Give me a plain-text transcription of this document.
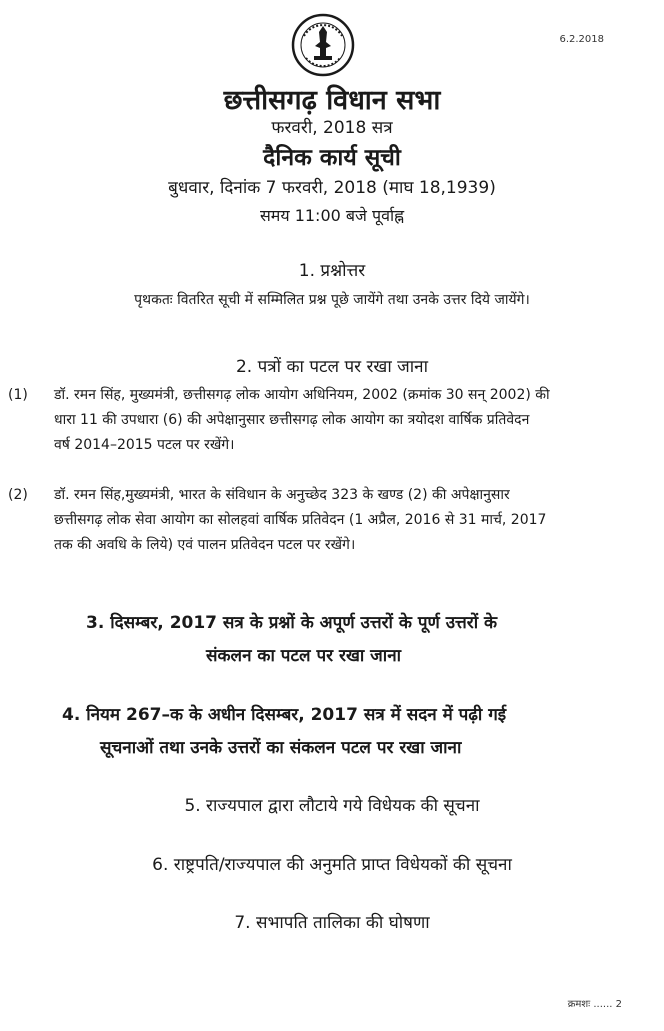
6.2.2018
छत्तीसगढ़ विधान सभा
फरवरी, 2018 सत्र
दैनिक कार्य सूची
बुधवार, दिनांक 7 फरवरी, 2018 (माघ 18,1939)
समय 11:00 बजे पूर्वाह्न
1. प्रश्नोत्तर
पृथकतः वितरित सूची में सम्मिलित प्रश्न पूछे जायेंगे तथा उनके उत्तर दिये जायेंगे।
2. पत्रों का पटल पर रखा जाना
(1) डॉ. रमन सिंह, मुख्यमंत्री, छत्तीसगढ़ लोक आयोग अधिनियम, 2002 (क्रमांक 30 सन् 2002) की
धारा 11 की उपधारा (6) की अपेक्षानुसार छत्तीसगढ़ लोक आयोग का त्रयोदश वार्षिक प्रतिवेदन
वर्ष 2014–2015 पटल पर रखेंगे।
(2) डॉ. रमन सिंह,मुख्यमंत्री, भारत के संविधान के अनुच्छेद 323 के खण्ड (2) की अपेक्षानुसार
छत्तीसगढ़ लोक सेवा आयोग का सोलहवां वार्षिक प्रतिवेदन (1 अप्रैल, 2016 से 31 मार्च, 2017
तक की अवधि के लिये) एवं पालन प्रतिवेदन पटल पर रखेंगे।
3. दिसम्बर, 2017 सत्र के प्रश्नों के अपूर्ण उत्तरों के पूर्ण उत्तरों के
संकलन का पटल पर रखा जाना
4. नियम 267–क के अधीन दिसम्बर, 2017 सत्र में सदन में पढ़ी गई
सूचनाओं तथा उनके उत्तरों का संकलन पटल पर रखा जाना
5. राज्यपाल द्वारा लौटाये गये विधेयक की सूचना
6. राष्ट्रपति/राज्यपाल की अनुमति प्राप्त विधेयकों की सूचना
7. सभापति तालिका की घोषणा
क्रमशः ...... 2
